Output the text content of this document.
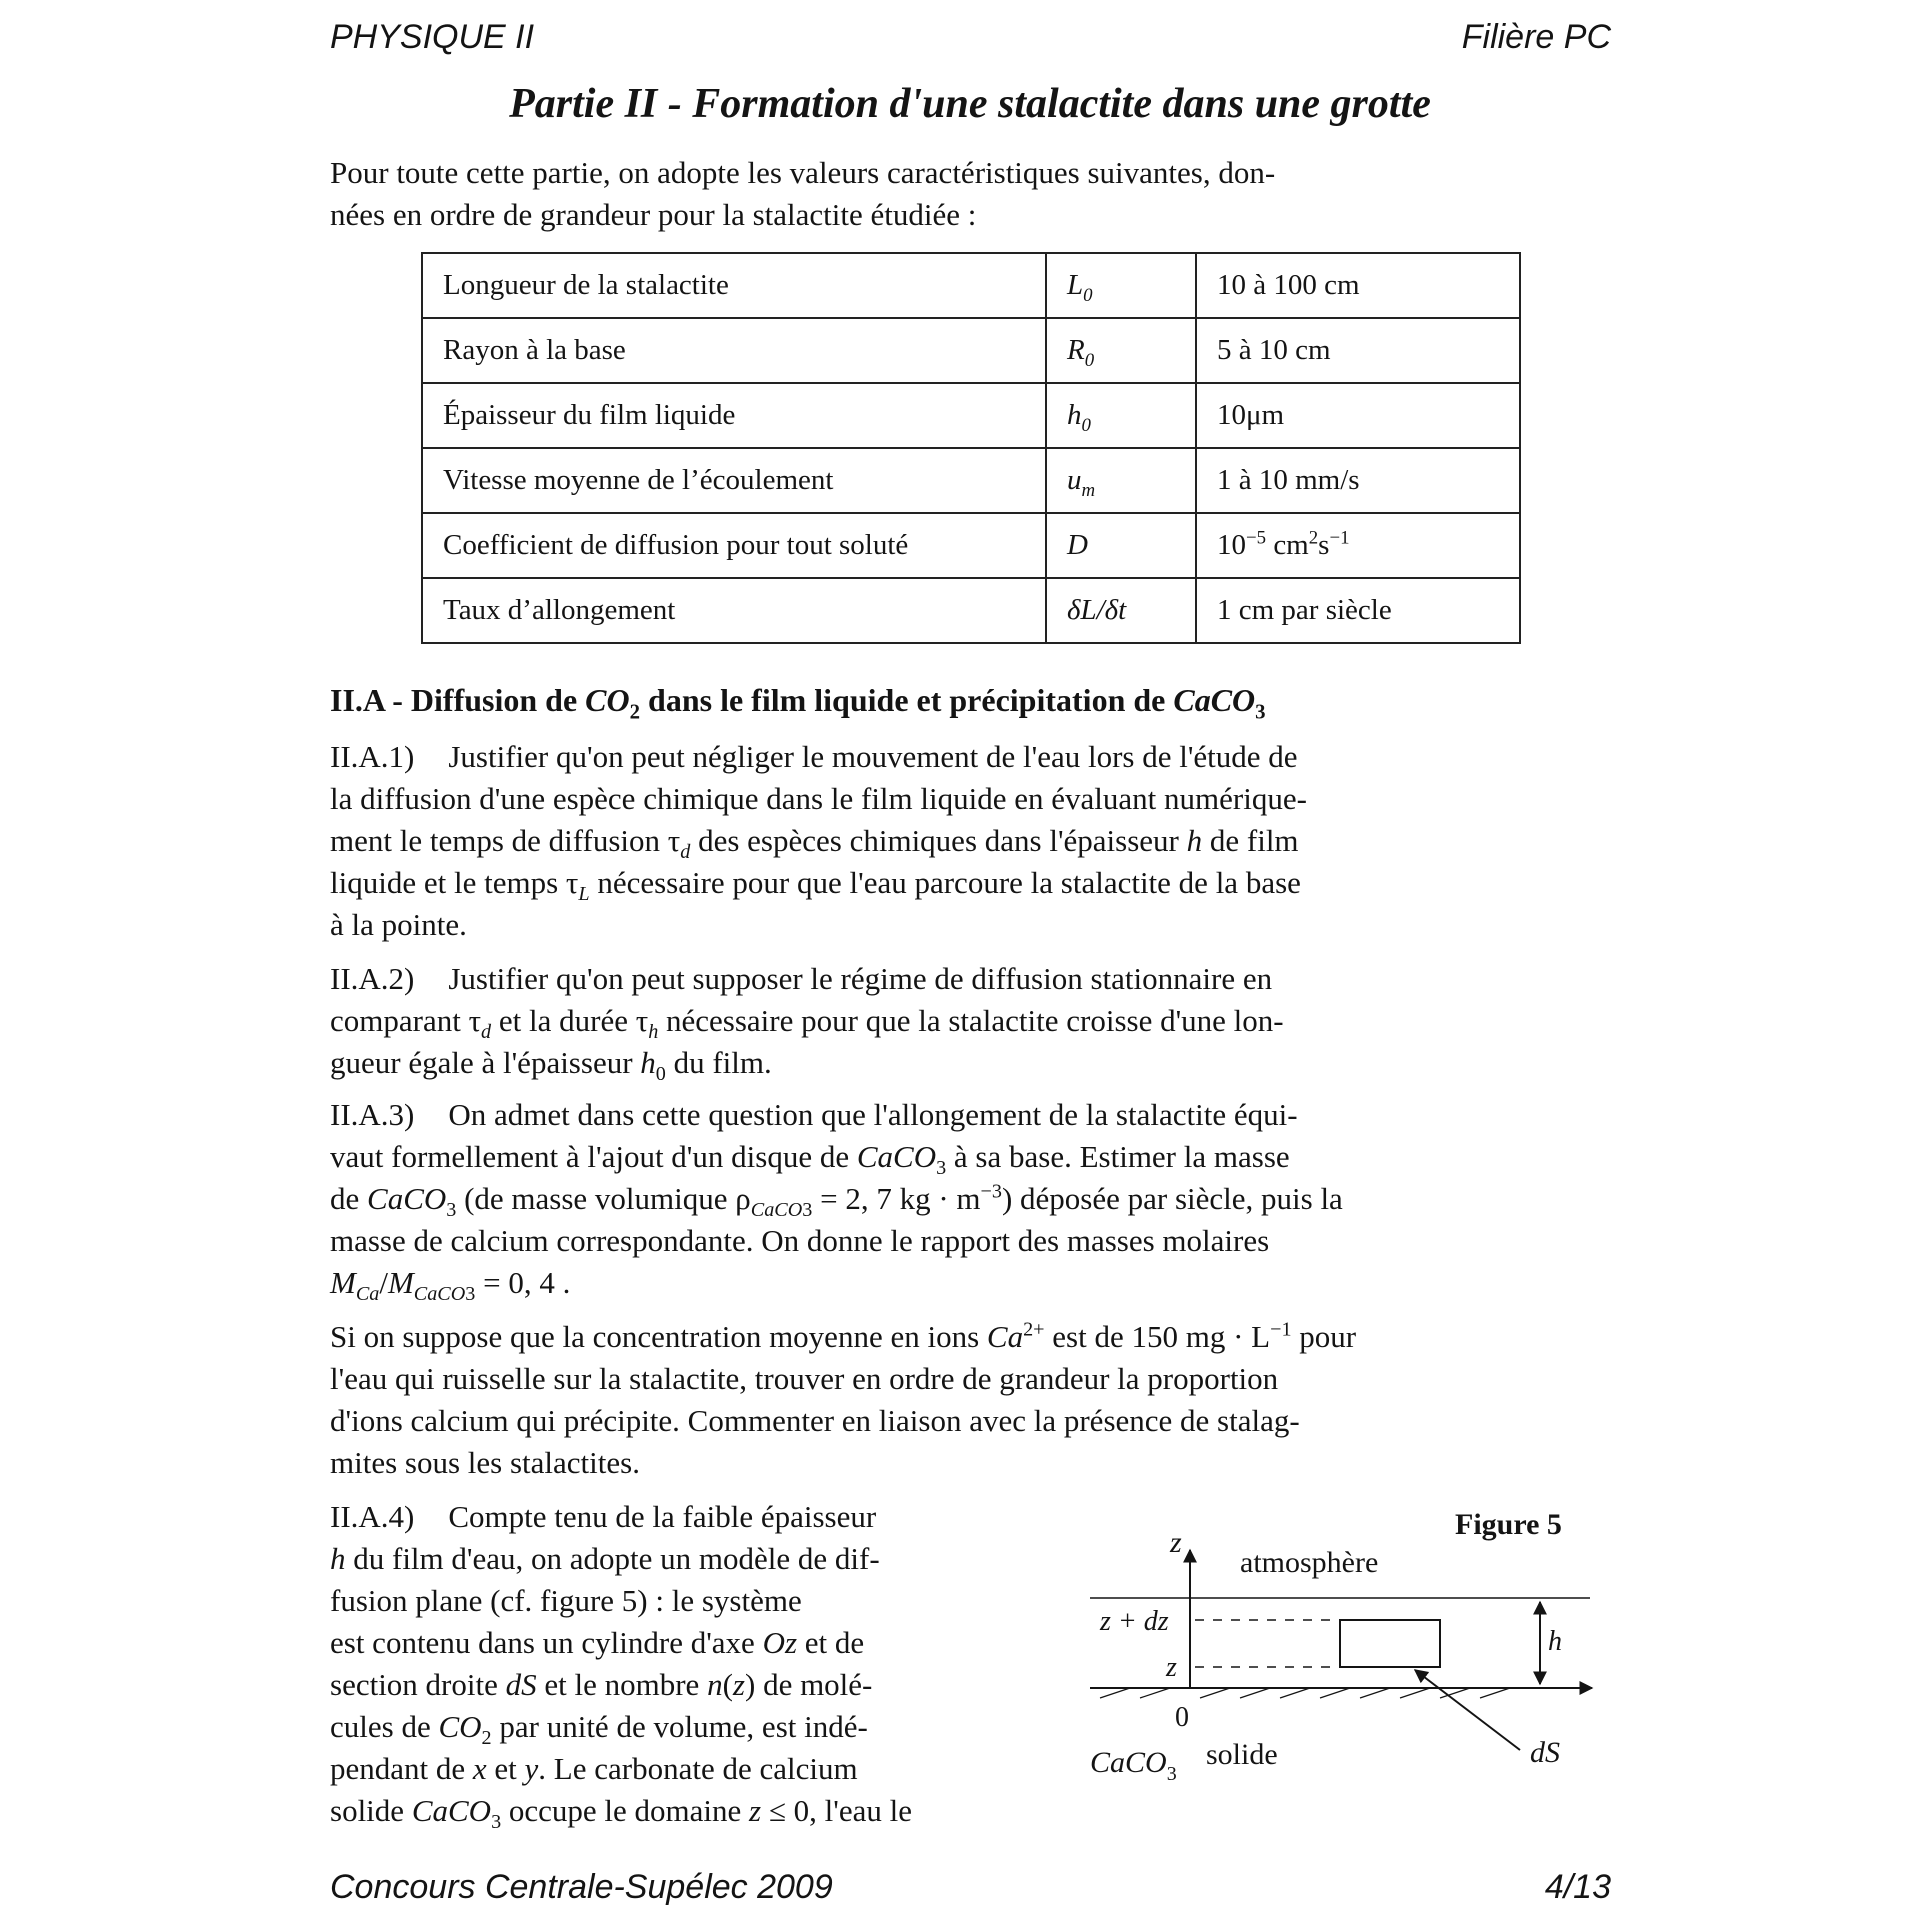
PHYSIQUE II	Filière PC
Partie II - Formation d'une stalactite dans une grotte

Pour toute cette partie, on adopte les valeurs caractéristiques suivantes, don-
nées en ordre de grandeur pour la stalactite étudiée :

Longueur de la stalactite	$L_0$	10 à 100 cm
Rayon à la base	$R_0$	5 à 10 cm
Épaisseur du film liquide	$h_0$	10μm
Vitesse moyenne de l’écoulement	$u_m$	1 à 10 mm/s
Coefficient de diffusion pour tout soluté	D	$10^{-5}$ $cm^2s^{-1}$
Taux d’allongement	δL/δt	1 cm par siècle
II.A - Diffusion de $CO_2$ dans le film liquide et précipitation de CaCO$_3$

II.A.1) Justifier qu'on peut négliger le mouvement de l'eau lors de l'étude de
la diffusion d'une espèce chimique dans le film liquide en évaluant numérique-
ment le temps de diffusion $\tau_d$ des espèces chimiques dans l'épaisseur h de film
liquide et le temps $\tau_L$ nécessaire pour que l'eau parcoure la stalactite de la base
à la pointe.

II.A.2) Justifier qu'on peut supposer le régime de diffusion stationnaire en
comparant $\tau_d$ et la durée $\tau_h$ nécessaire pour que la stalactite croisse d'une lon-
gueur égale à l'épaisseur $h_0$ du film.

II.A.3) On admet dans cette question que l'allongement de la stalactite équi-
vaut formellement à l'ajout d'un disque de CaCO$_3$ à sa base. Estimer la masse
de CaCO$_3$ (de masse volumique $\rho_{CaCO3} = 2$, 7 kg · $m^{-3}$) déposée par siècle, puis la
masse de calcium correspondante. On donne le rapport des masses molaires
$M_{Ca}/M_{CaCO3} = 0$, 4 .

Si on suppose que la concentration moyenne en ions $Ca^{2+}$ est de 150 mg · $L^{-1}$ pour
l'eau qui ruisselle sur la stalactite, trouver en ordre de grandeur la proportion
d'ions calcium qui précipite. Commenter en liaison avec la présence de stalag-
mites sous les stalactites.

II.A.4) Compte tenu de la faible épaisseur
h du film d'eau, on adopte un modèle de dif-
fusion plane (cf. figure 5) : le système
est contenu dans un cylindre d'axe Oz et de
section droite dS et le nombre n(z) de molé-
cules de $CO_2$ par unité de volume, est indé-
pendant de x et y. Le carbonate de calcium
solide CaCO$_3$ occupe le domaine z ≤ 0, l'eau le

Figure 5
z
atmosphère
z + dz
z
0
h
dS
CaCO$_3$
solide
Concours Centrale-Supélec 2009	4/13
